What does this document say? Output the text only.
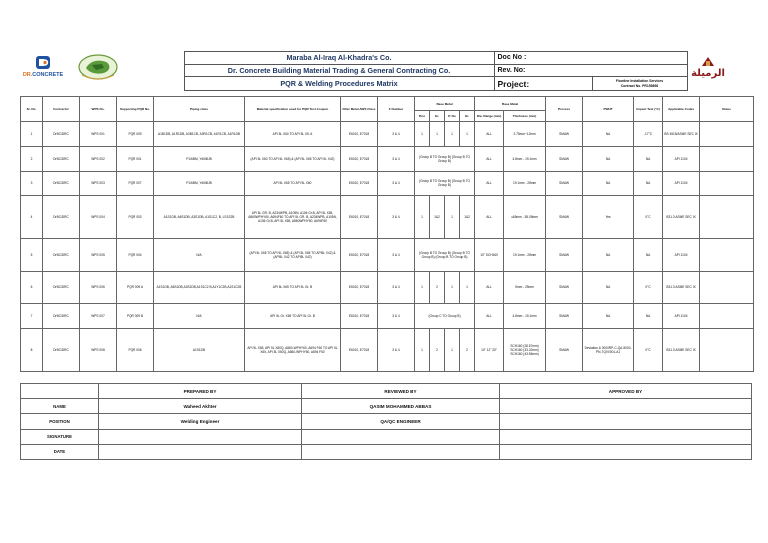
DR.CONCRETE	الرميلة
	Maraba Al-Iraq Al-Khadra's Co.	Doc No :		
	Dr. Concrete Building Material Trading & General Contracting Co.	Rev. No:		
	PQR & Welding Procedures Matrix	Project:	Flowline Installation Services
Contract No. PR159898	
Sr. No.	Contractor	WPS No.	Supporting PQR No.	Piping class	Material specification used for PQR Test Coupon	Filler Metal AWS Class	F Number	Base Metal				Base Metal		Process	PWHT	Impact Test (°C)	Applicable Codes	Notes
								P.no	Gr.	P. No	Gr.	Dia. Range (mm)	Thickness (mm)					
1	DrBC/DRC	WPS 001	PQR 009	A1B1DB, A1R1DB, A3B1CB, A3R1CB, A1R1CB, A1R1DB	API 5L X60 TO API 5L X5..6	E6010, E7018	3 & 4	1	1	1	1	ALL	2.75mm~12mm	SMAW	NA	-17°C	BS 4515/ASME SEC IX	
2	DrBC/DRC	WPS 002	PQR 001	P1/6BM, Y6/6BJB	(API 5L X60 TO API 5L X65) & (API 5L X65 TO API 5L X42)	E6010, E7018	3 & 4	(Group B TO Group B) (Group B TO Group B)				ALL	4.8mm - 19.1mm	SMAW	NA	NA	API 1104	
3	DrBC/DRC	WPS 003	PQR 007	P1/6BM, Y6/6BJB	API 5L X65 TO API 5L X60	E6010, E7018	3 & 4	(Group B TO Group B) (Group B TO Group B)				ALL	19.1mm - 28mm	SMAW	NA	NA	API 1104	
4	DrBC/DRC	WPS 004	PQR 003	A1S1DB, A6S1DB, A3S1DB, A1S1C2, B, LS1S2B	API 5L GR. B, A234WPB, A105N, A106 Gr.B, API 5L X65, A860WPHY60, A694F60 TO API 5L GR. B, A234WPB, A105N, A106 Gr.B, API 5L X65, A860WPHY60, A694F60	E6010, E7018	3 & 4	1	1&2	1	1&2	ALL	≤65mm - 55.08mm	SMAW	Yes	0°C	B31.3 ASME SEC IX	
5	DrBC/DRC	WPS 005	PQR 004	N/A	(API 5L X65 TO API 5L X65) & (API 5L X65 TO API5L X42) & (API5L X42 TO API5L X42)	E6010, E7018	3 & 4	(Group B TO Group B) (Group B TO Group B) (Group B TO Group B)				10" SCH160	19.1mm - 28mm	SMAW	NA	NA	API 1104	
6	DrBC/DRC	WPS 006	PQR 009 A	A1S1DB, A6S1DB,A3S1DB,A1S1C2 B,A1Y1C2B,A1S1C2B	API 5L X65 TO API 5L Gr. B	E6010, E7018	3 & 4	1	2	1	1	ALL	5mm - 25mm	SMAW	NA	0°C	B31.3 ASME SEC IX	
7	DrBC/DRC	WPS 007	PQR 009 B	N/A	API 5L Gr. X65 TO API 5L Gr. B	E6010, E7018	3 & 4	(Group C TO Group B)				ALL	4.8mm - 19.1mm	SMAW	NA	NA	API 1104	
8	DrBC/DRC	WPS 008	PQR 006	A1S1DB	API 5L X65, API 5L X60Q, A860-WPHY60, A694 F60 TO API 5L X65, API 5L X60Q, A860-WPHY60, A694 F60	E6010, E7018	3 & 4	1	2	1	2	10" 12" 20"	SCH160 (28.57mm) SCH160 (33.32mm) SCH160 (43.56mm)	SMAW	Deviation & 0000RP-C-QA-5000-PN-TQV0001-A1	0°C	B31.3 ASME SEC IX	
	PREPARED BY	REVIEWED BY	APPROVED BY
NAME	Waheed Akhter	QASIM MOHAMMED ABBAS	
POSITION	Welding Engineer	QA/QC ENGINEER	
SIGNATURE			
DATE			
